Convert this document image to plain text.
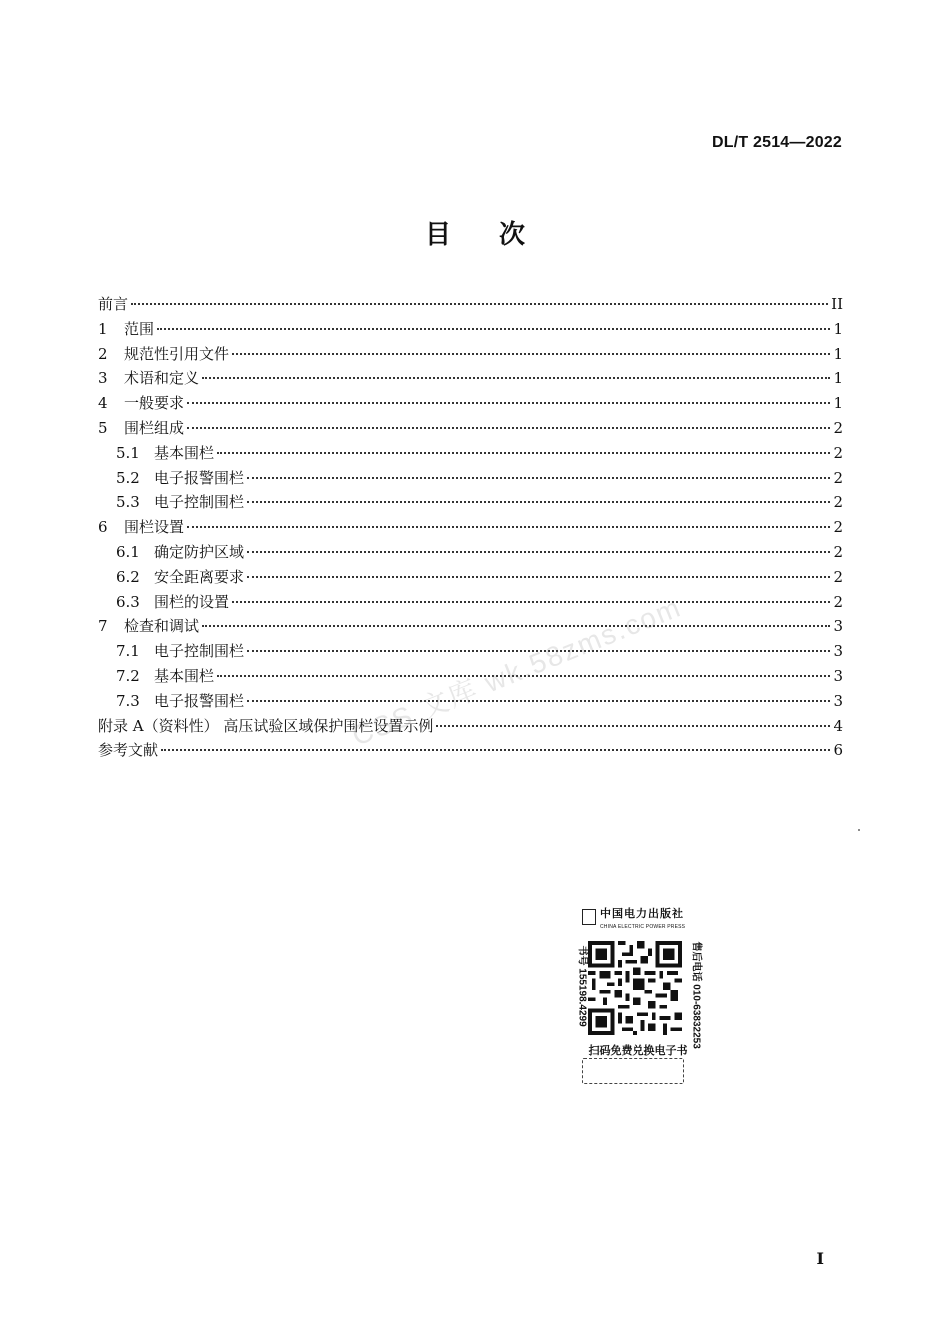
DL/T 2514—2022
目次
前言	II
1	范围	1
2	规范性引用文件	1
3	术语和定义	1
4	一般要求	1
5	围栏组成	2
5.1 基本围栏	2
5.2 电子报警围栏	2
5.3 电子控制围栏	2
6	围栏设置	2
6.1 确定防护区域	2
6.2 安全距离要求	2
6.3 围栏的设置	2
7	检查和调试	3
7.1 电子控制围栏	3
7.2 基本围栏	3
7.3 电子报警围栏	3
附录 A（资料性） 高压试验区域保护围栏设置示例	4
参考文献	6
CSS 文库 wk.58zms.com
中国电力出版社
CHINA ELECTRIC POWER PRESS
书号 155198.4299	售后电话 010-63832253
扫码免费兑换电子书
I
